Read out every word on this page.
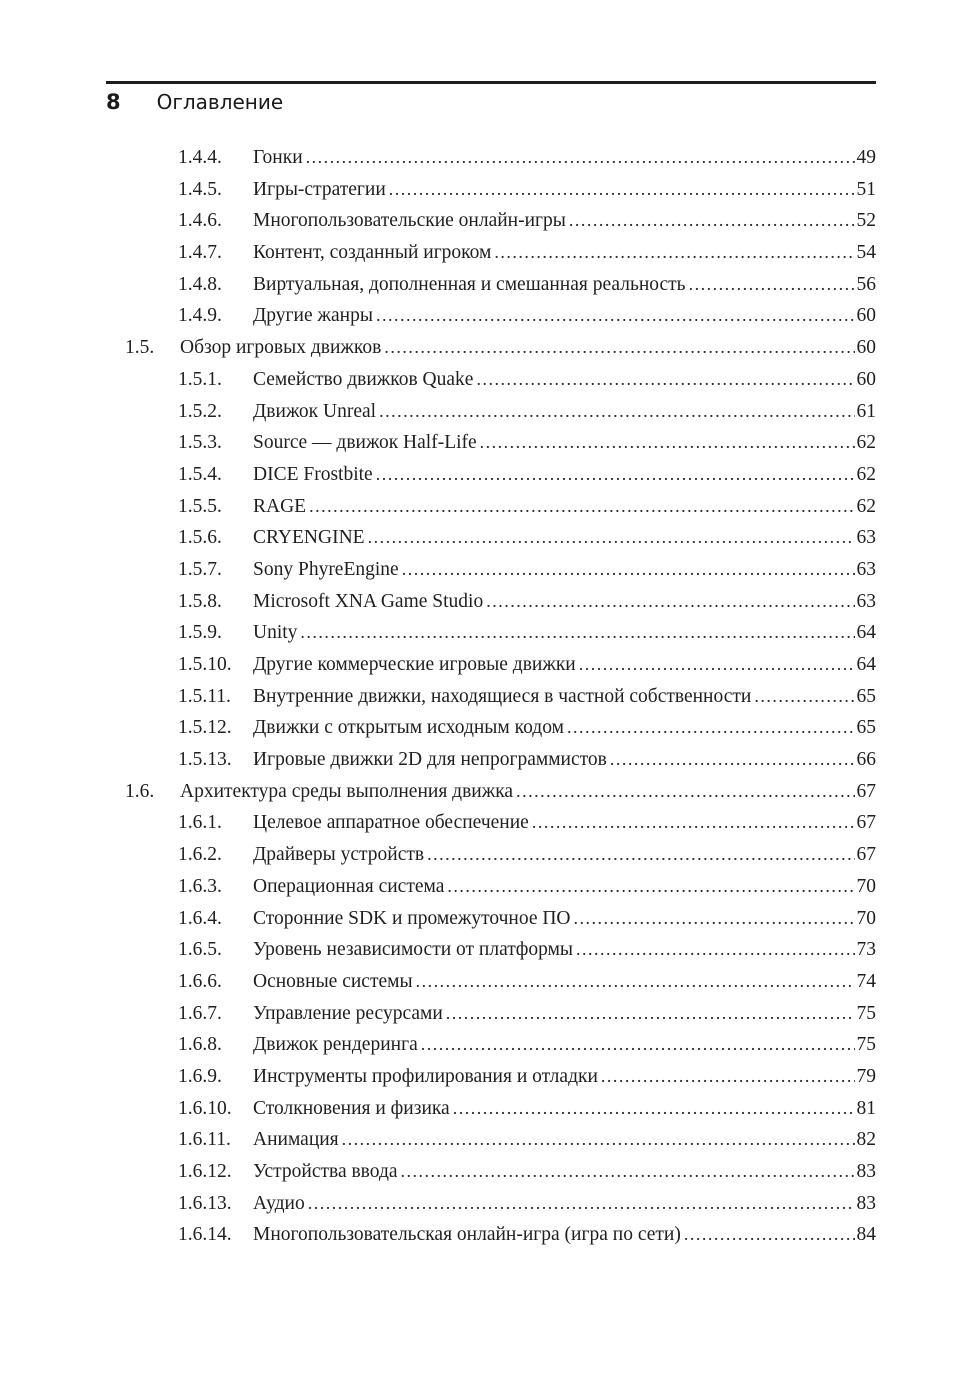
8 Оглавление
1.4.4.	Гонки .....	49
1.4.5.	Игры-стратегии .....	51
1.4.6.	Многопользовательские онлайн-игры .....	52
1.4.7.	Контент, созданный игроком .....	54
1.4.8.	Виртуальная, дополненная и смешанная реальность .....	56
1.4.9.	Другие жанры .....	60
1.5.	Обзор игровых движков .....	60
1.5.1.	Семейство движков Quake .....	60
1.5.2.	Движок Unreal .....	61
1.5.3.	Source — движок Half-Life .....	62
1.5.4.	DICE Frostbite .....	62
1.5.5.	RAGE .....	62
1.5.6.	CRYENGINE .....	63
1.5.7.	Sony PhyreEngine .....	63
1.5.8.	Microsoft XNA Game Studio .....	63
1.5.9.	Unity .....	64
1.5.10.	Другие коммерческие игровые движки .....	64
1.5.11.	Внутренние движки, находящиеся в частной собственности .....	65
1.5.12.	Движки с открытым исходным кодом .....	65
1.5.13.	Игровые движки 2D для непрограммистов .....	66
1.6.	Архитектура среды выполнения движка .....	67
1.6.1.	Целевое аппаратное обеспечение .....	67
1.6.2.	Драйверы устройств .....	67
1.6.3.	Операционная система .....	70
1.6.4.	Сторонние SDK и промежуточное ПО .....	70
1.6.5.	Уровень независимости от платформы .....	73
1.6.6.	Основные системы .....	74
1.6.7.	Управление ресурсами .....	75
1.6.8.	Движок рендеринга .....	75
1.6.9.	Инструменты профилирования и отладки .....	79
1.6.10.	Столкновения и физика .....	81
1.6.11.	Анимация .....	82
1.6.12.	Устройства ввода .....	83
1.6.13.	Аудио .....	83
1.6.14.	Многопользовательская онлайн-игра (игра по сети) .....	84
